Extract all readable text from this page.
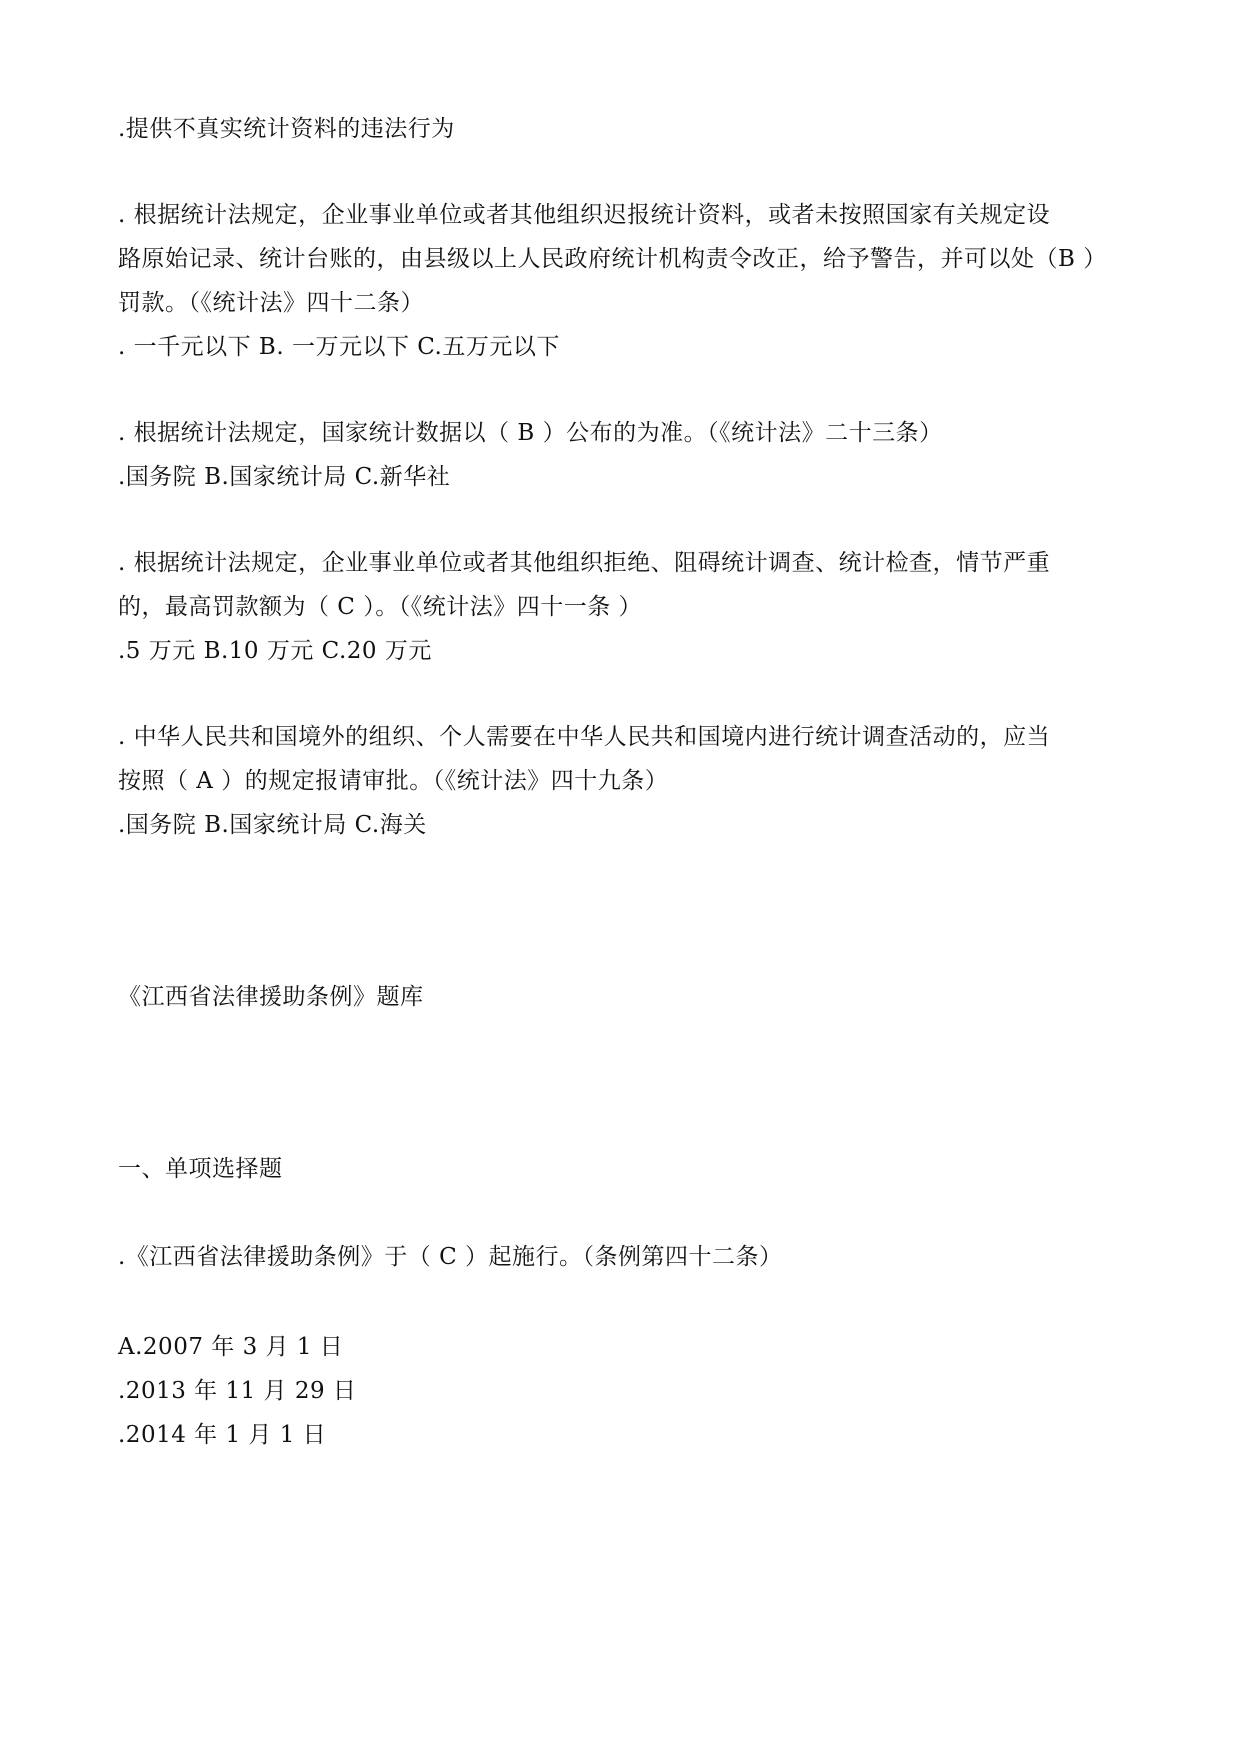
.提供不真实统计资料的违法行为
. 根据统计法规定，企业事业单位或者其他组织迟报统计资料，或者未按照国家有关规定设
路原始记录、统计台账的，由县级以上人民政府统计机构责令改正，给予警告，并可以处（B ）
罚款。（《统计法》四十二条）
. 一千元以下 B. 一万元以下 C.五万元以下
. 根据统计法规定，国家统计数据以（ B ）公布的为准。（《统计法》二十三条）
.国务院 B.国家统计局 C.新华社
. 根据统计法规定，企业事业单位或者其他组织拒绝、阻碍统计调查、统计检查，情节严重
的，最高罚款额为（ C ）。（《统计法》四十一条 ）
.5 万元 B.10 万元 C.20 万元
. 中华人民共和国境外的组织、个人需要在中华人民共和国境内进行统计调查活动的，应当
按照（ A ）的规定报请审批。（《统计法》四十九条）
.国务院 B.国家统计局 C.海关
《江西省法律援助条例》题库
一、单项选择题
.《江西省法律援助条例》于（ C ）起施行。（条例第四十二条）
A.2007 年 3 月 1 日
.2013 年 11 月 29 日
.2014 年 1 月 1 日
